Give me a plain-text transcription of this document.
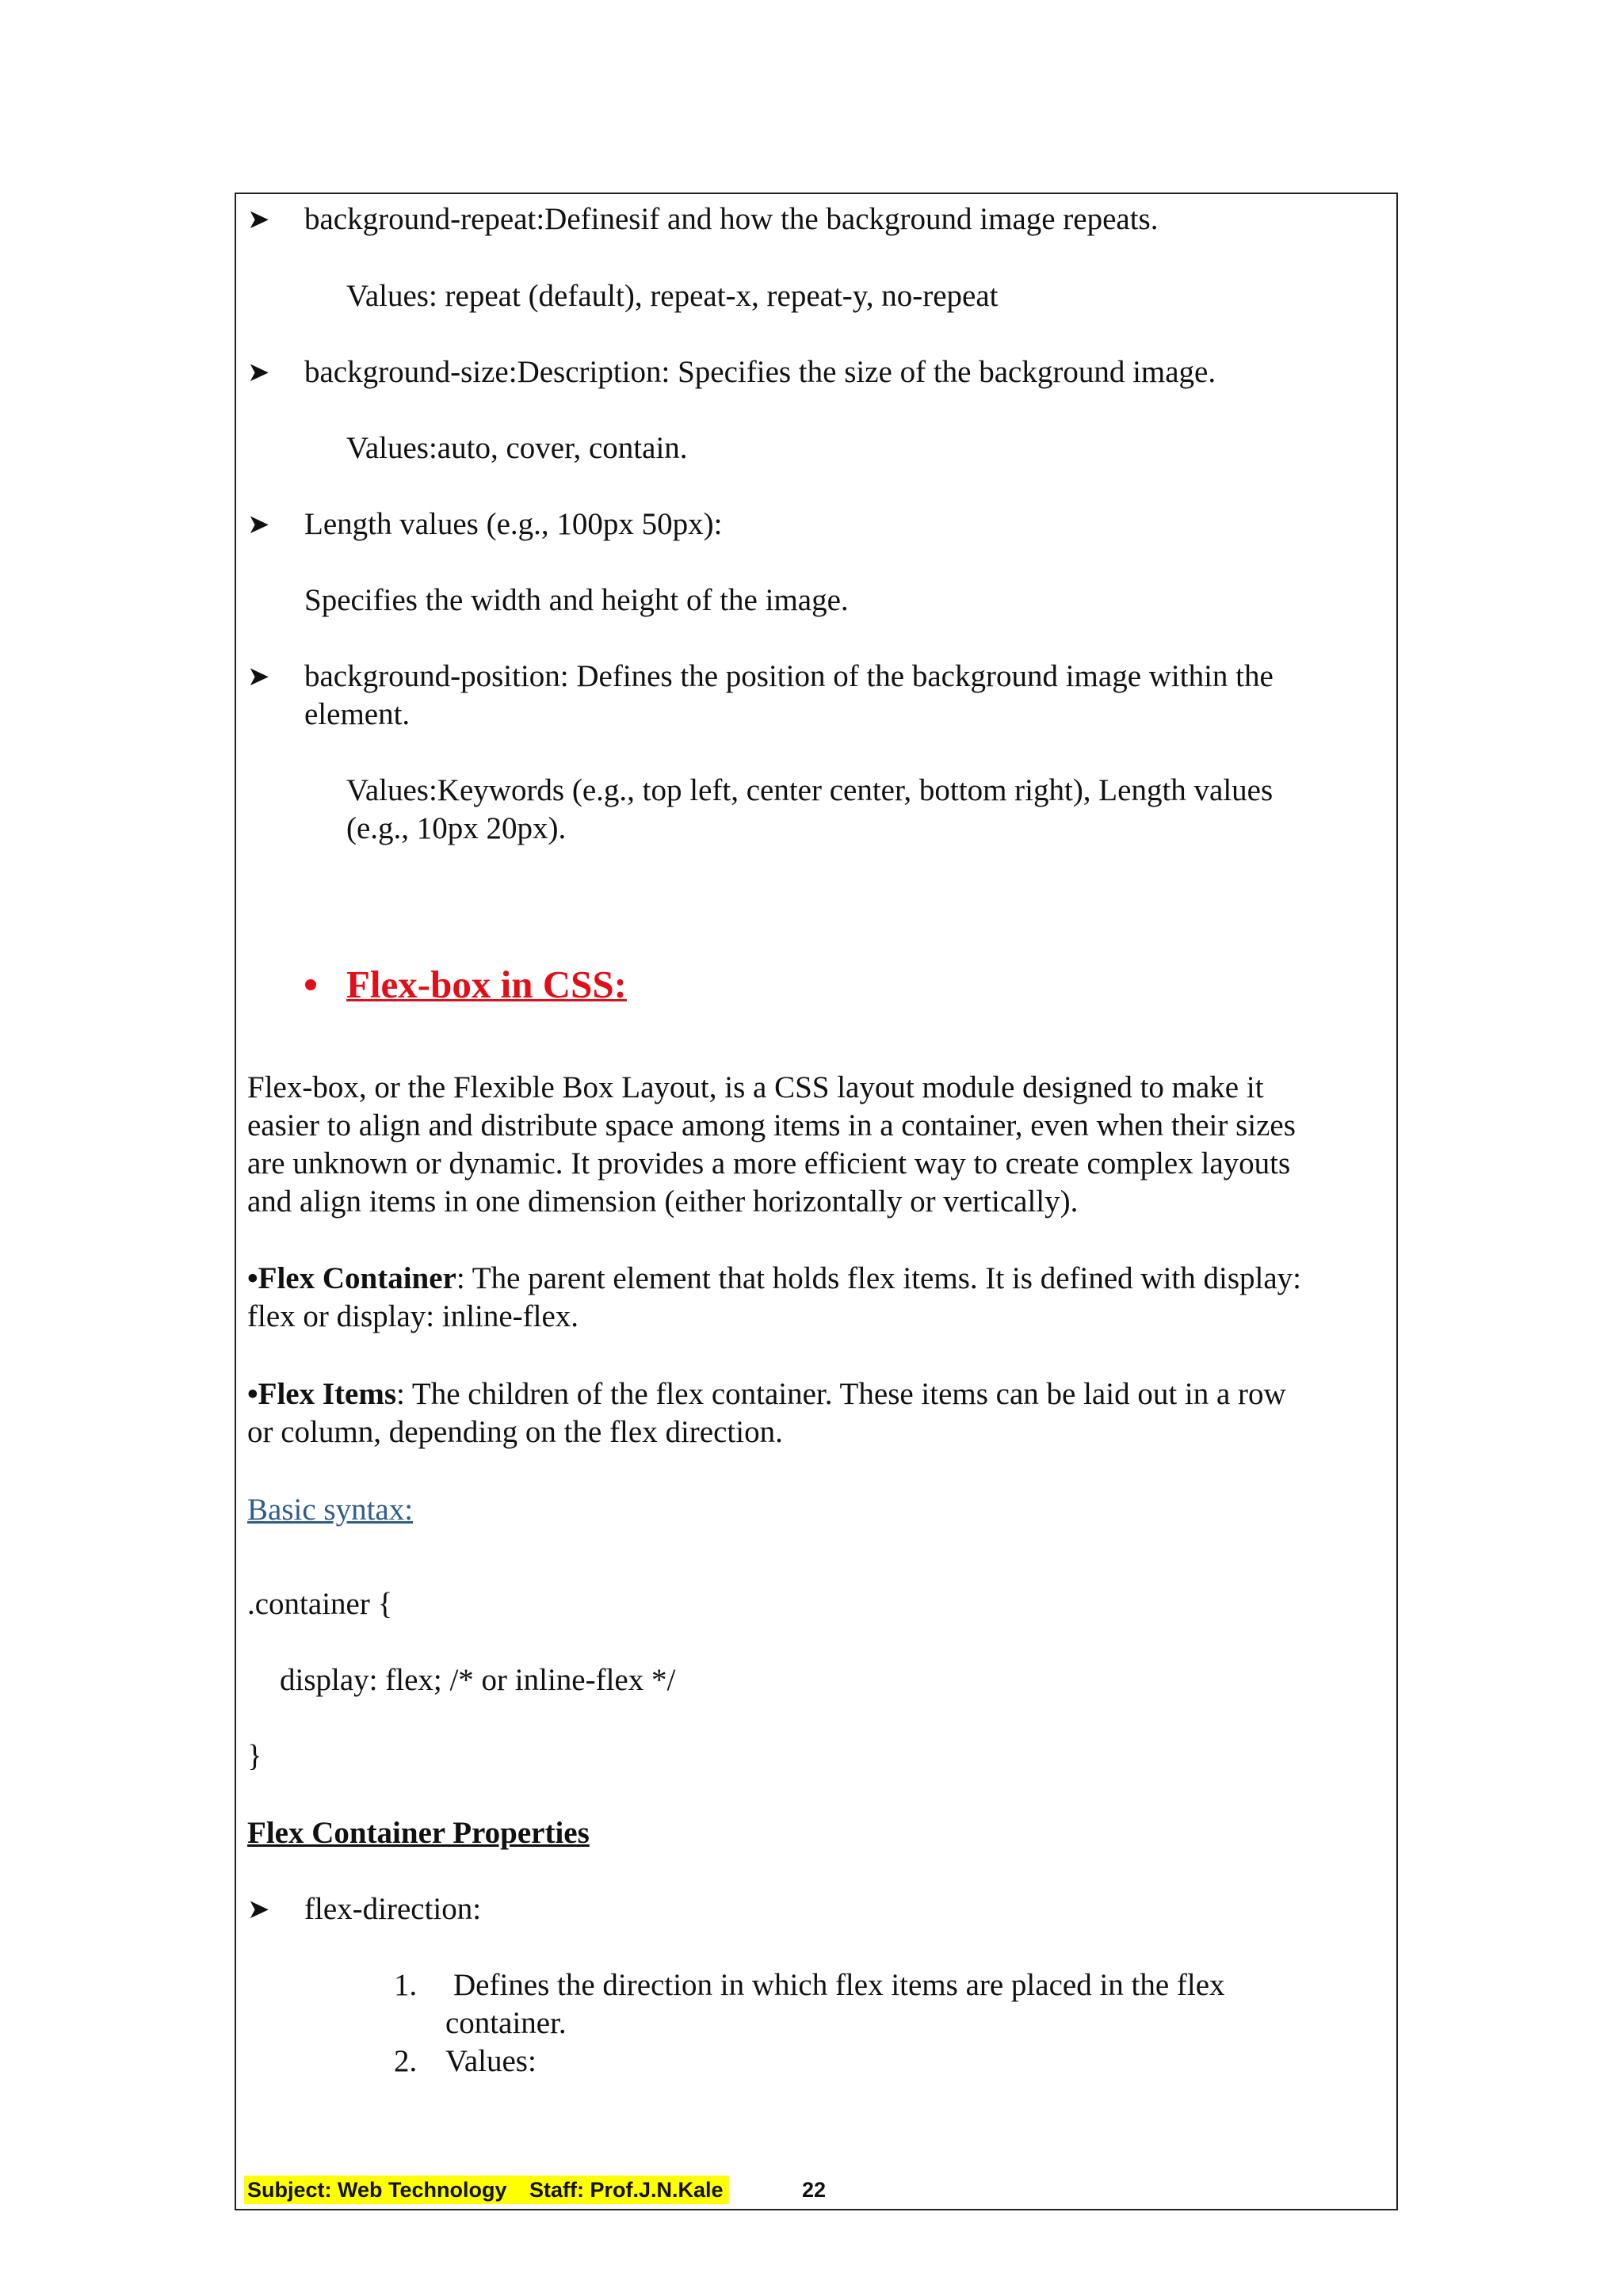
➤ background-repeat:Definesif and how the background image repeats.
Values: repeat (default), repeat-x, repeat-y, no-repeat
➤ background-size:Description: Specifies the size of the background image.
Values:auto, cover, contain.
➤ Length values (e.g., 100px 50px):
Specifies the width and height of the image.
➤ background-position: Defines the position of the background image within the
element.
Values:Keywords (e.g., top left, center center, bottom right), Length values
(e.g., 10px 20px).
Flex-box in CSS:
Flex-box, or the Flexible Box Layout, is a CSS layout module designed to make it
easier to align and distribute space among items in a container, even when their sizes
are unknown or dynamic. It provides a more efficient way to create complex layouts
and align items in one dimension (either horizontally or vertically).
•Flex Container: The parent element that holds flex items. It is defined with display:
flex or display: inline-flex.
•Flex Items: The children of the flex container. These items can be laid out in a row
or column, depending on the flex direction.
Basic syntax:
.container {
display: flex; /* or inline-flex */
}
Flex Container Properties
➤ flex-direction:
1. Defines the direction in which flex items are placed in the flex
container.
2. Values:
Subject: Web Technology Staff: Prof.J.N.Kale	22
